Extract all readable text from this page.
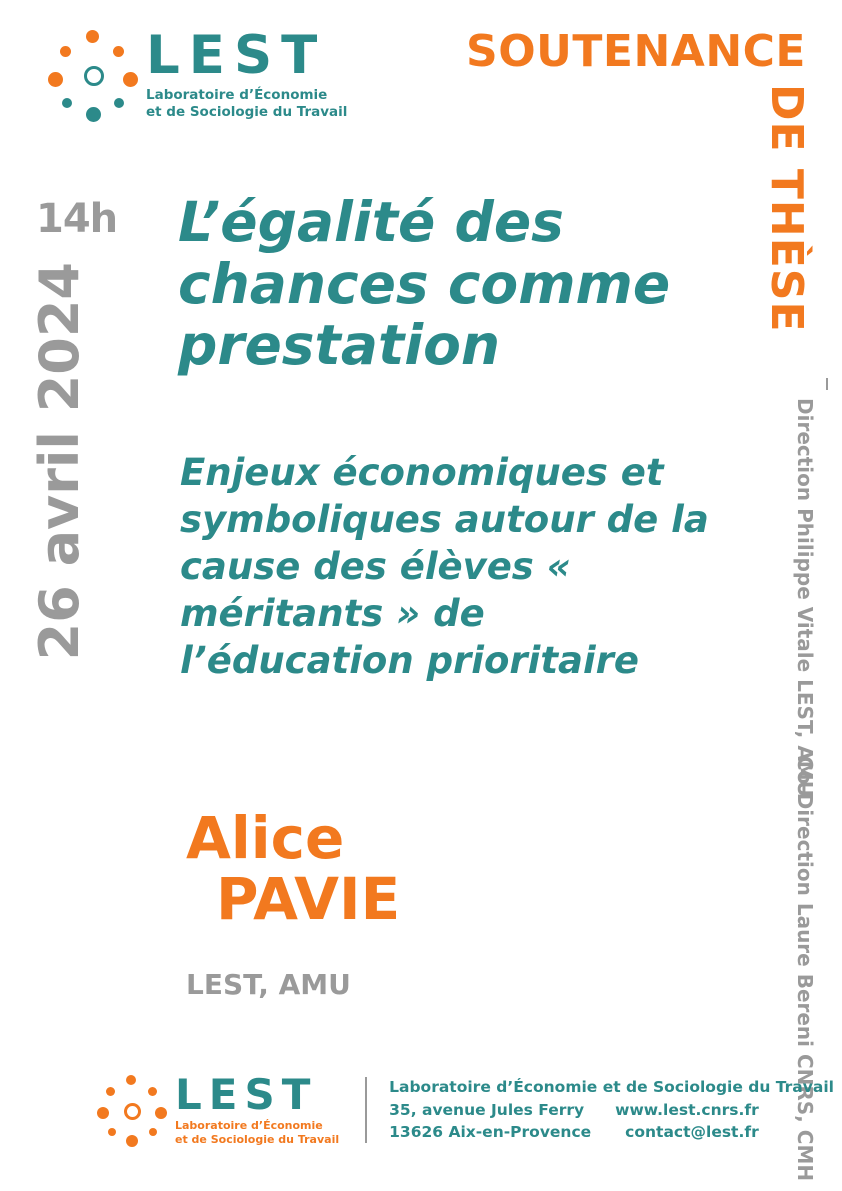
LEST
Laboratoire d’Économie
et de Sociologie du Travail
SOUTENANCE
DE THÈSE
14h
26 avril 2024
L’égalité des chances comme prestation
Enjeux économiques et symboliques autour de la cause des élèves « méritants » de l’éducation prioritaire
Alice
PAVIE
LEST, AMU
Direction Philippe Vitale LEST, AMU
Co-Direction Laure Bereni CNRS, CMH
LEST
Laboratoire d’Économie
et de Sociologie du Travail
Laboratoire d’Économie et de Sociologie du Travail
35, avenue Jules Ferry
13626 Aix-en-Provence
www.lest.cnrs.fr
contact@lest.fr
